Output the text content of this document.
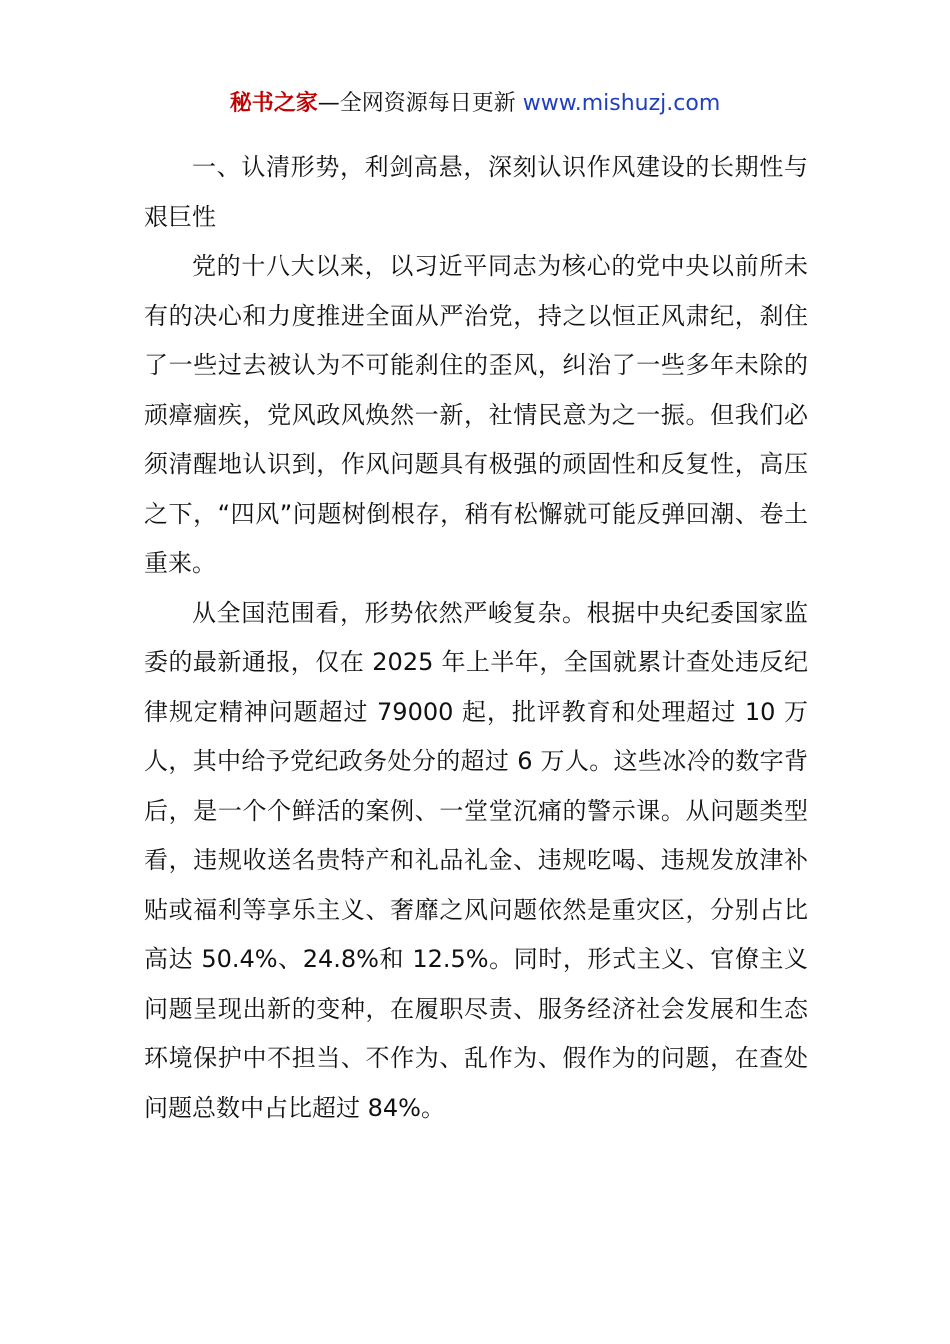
秘书之家—全网资源每日更新 www.mishuzj.com

一、认清形势，利剑高悬，深刻认识作风建设的长期性与艰巨性

党的十八大以来，以习近平同志为核心的党中央以前所未有的决心和力度推进全面从严治党，持之以恒正风肃纪，刹住了一些过去被认为不可能刹住的歪风，纠治了一些多年未除的顽瘴痼疾，党风政风焕然一新，社情民意为之一振。但我们必须清醒地认识到，作风问题具有极强的顽固性和反复性，高压之下，“四风”问题树倒根存，稍有松懈就可能反弹回潮、卷土重来。

从全国范围看，形势依然严峻复杂。根据中央纪委国家监委的最新通报，仅在 2025 年上半年，全国就累计查处违反纪律规定精神问题超过 79000 起，批评教育和处理超过 10 万人，其中给予党纪政务处分的超过 6 万人。这些冰冷的数字背后，是一个个鲜活的案例、一堂堂沉痛的警示课。从问题类型看，违规收送名贵特产和礼品礼金、违规吃喝、违规发放津补贴或福利等享乐主义、奢靡之风问题依然是重灾区，分别占比高达 50.4%、24.8%和 12.5%。同时，形式主义、官僚主义问题呈现出新的变种，在履职尽责、服务经济社会发展和生态环境保护中不担当、不作为、乱作为、假作为的问题，在查处问题总数中占比超过 84%。
